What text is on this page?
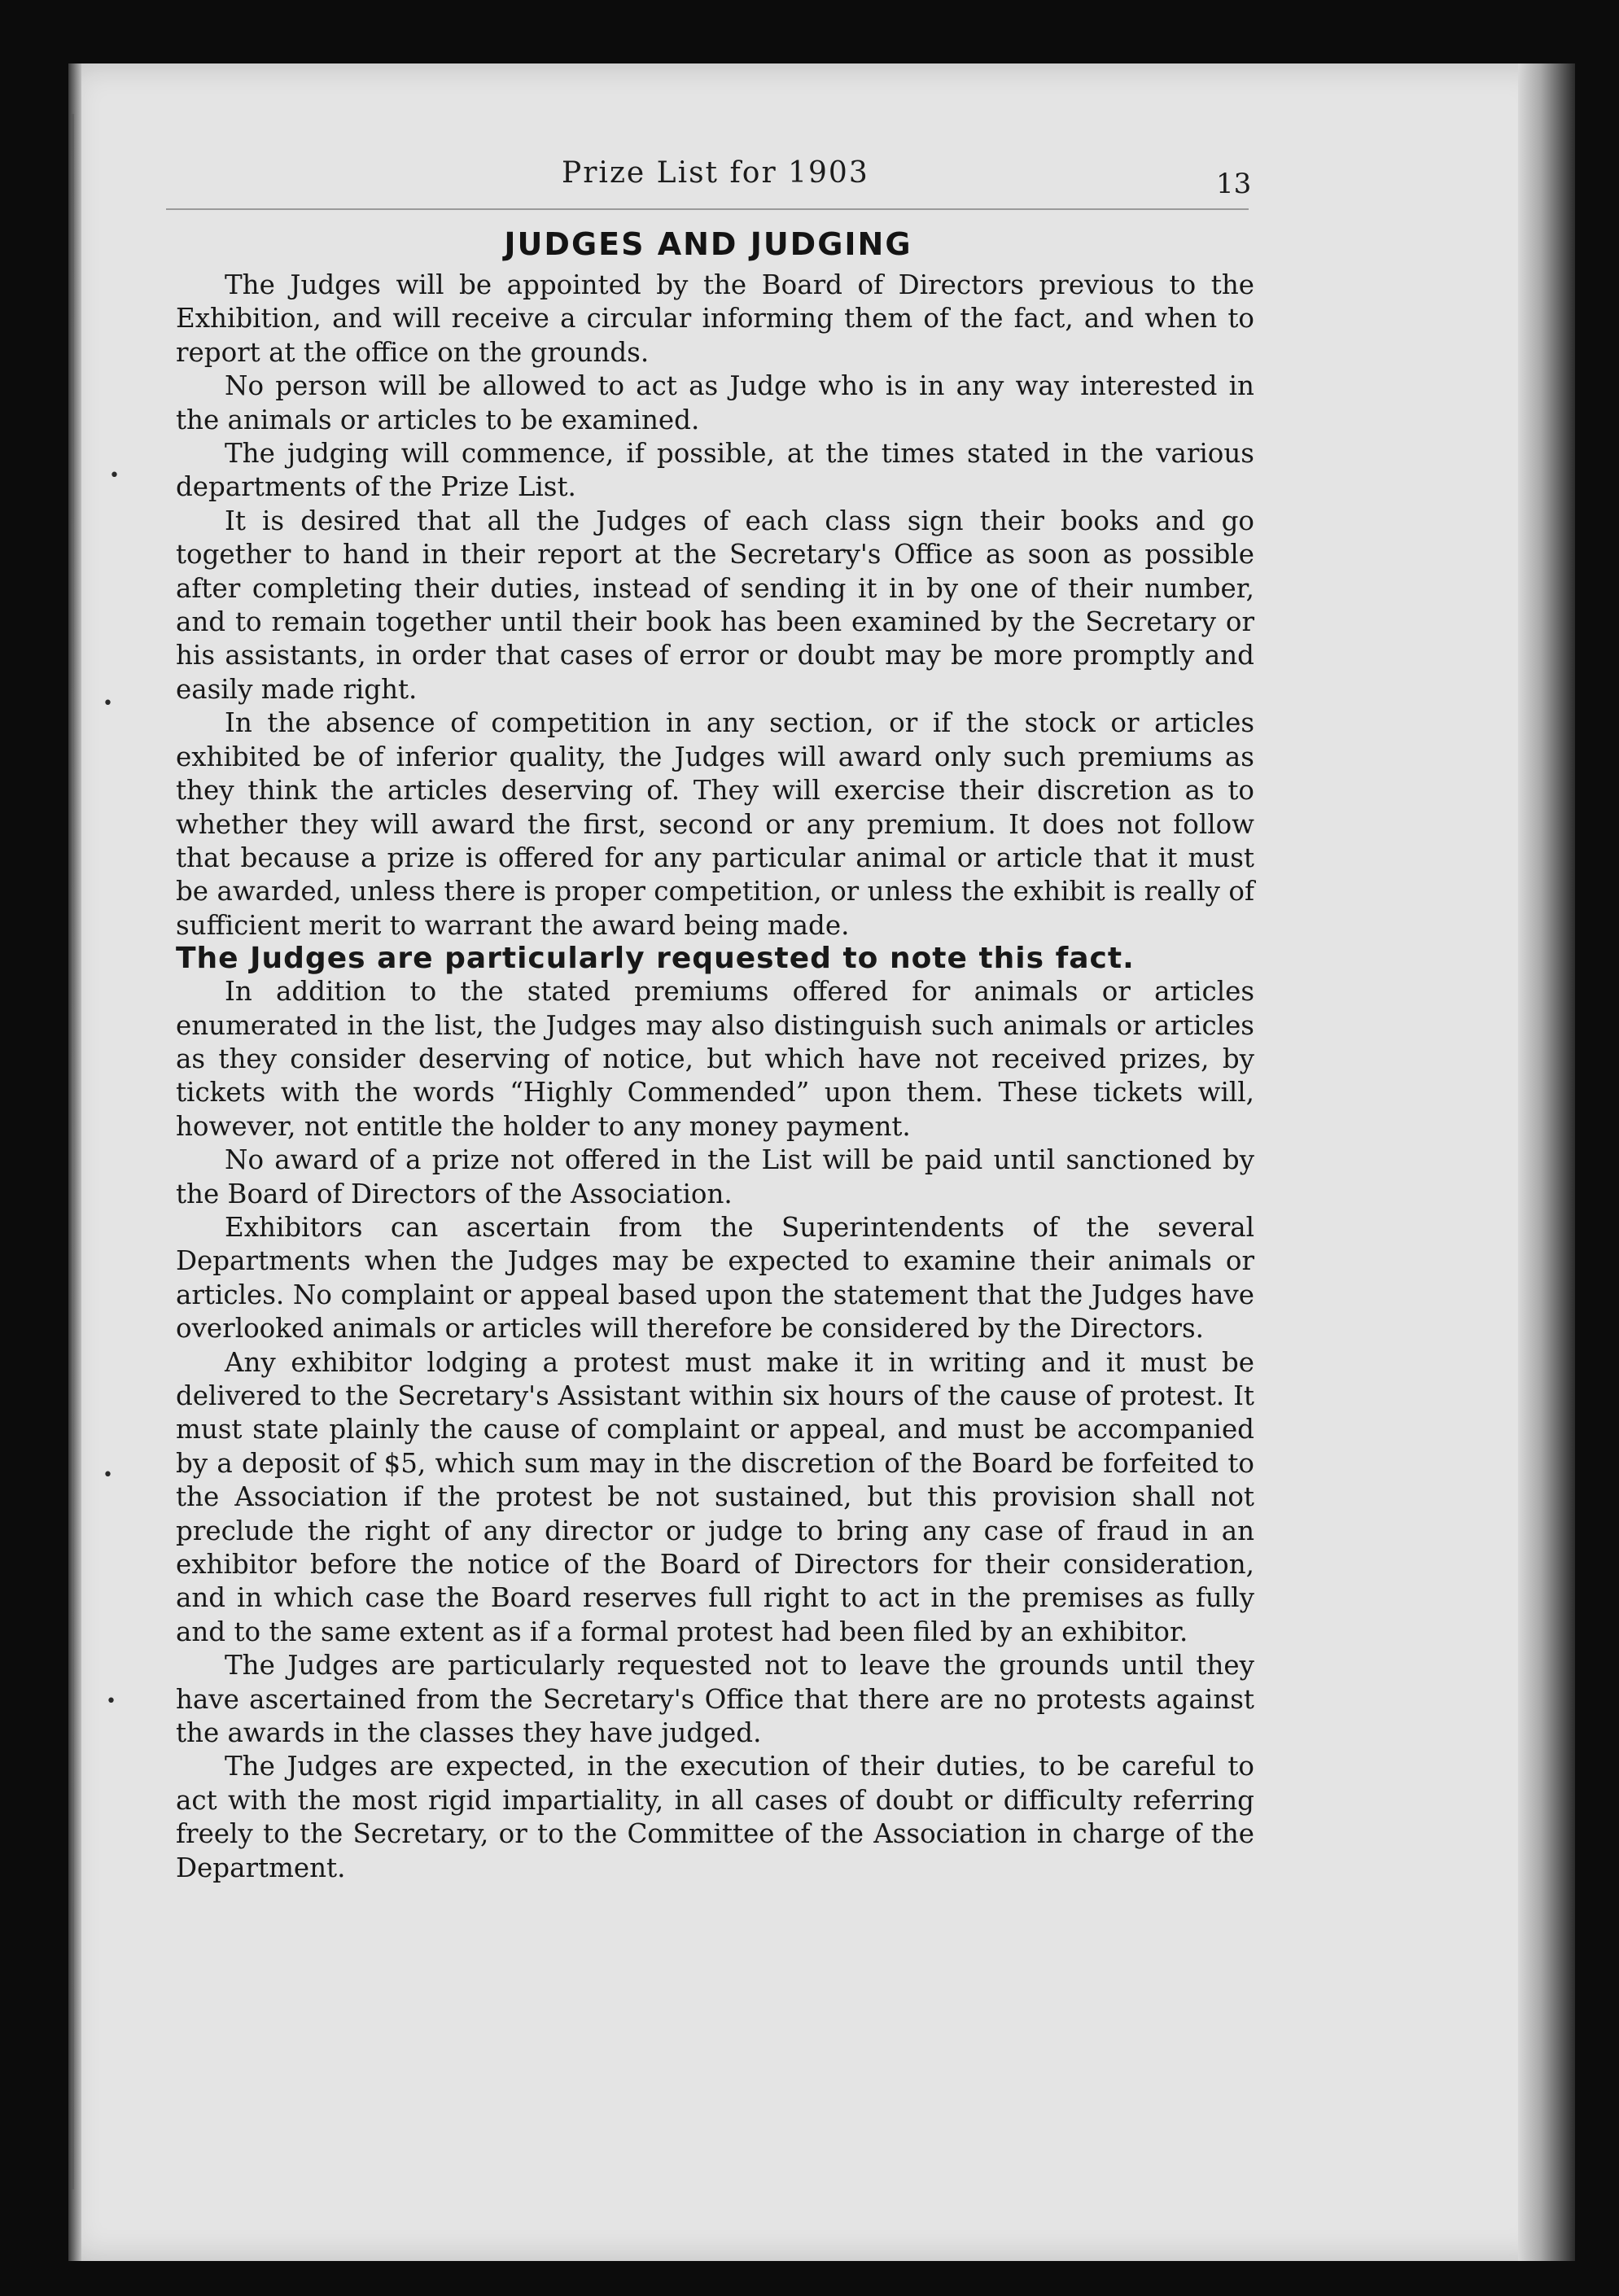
•
•
•
•
Prize List for 1903	13
JUDGES AND JUDGING

The Judges will be appointed by the Board of Directors previous to the Exhibition, and will receive a circular informing them of the fact, and when to report at the office on the grounds.

No person will be allowed to act as Judge who is in any way interested in the animals or articles to be examined.

The judging will commence, if possible, at the times stated in the various departments of the Prize List.

It is desired that all the Judges of each class sign their books and go together to hand in their report at the Secretary's Office as soon as possible after completing their duties, instead of sending it in by one of their number, and to remain together until their book has been examined by the Secretary or his assistants, in order that cases of error or doubt may be more promptly and easily made right.

In the absence of competition in any section, or if the stock or articles exhibited be of inferior quality, the Judges will award only such premiums as they think the articles deserving of. They will exercise their discretion as to whether they will award the first, second or any premium. It does not follow that because a prize is offered for any particular animal or article that it must be awarded, unless there is proper competition, or unless the exhibit is really of sufficient merit to warrant the award being made.

The Judges are particularly requested to note this fact.

In addition to the stated premiums offered for animals or articles enumerated in the list, the Judges may also distinguish such animals or articles as they consider deserving of notice, but which have not received prizes, by tickets with the words “Highly Commended” upon them. These tickets will, however, not entitle the holder to any money payment.

No award of a prize not offered in the List will be paid until sanctioned by the Board of Directors of the Association.

Exhibitors can ascertain from the Superintendents of the several Departments when the Judges may be expected to examine their animals or articles. No complaint or appeal based upon the statement that the Judges have overlooked animals or articles will therefore be considered by the Directors.

Any exhibitor lodging a protest must make it in writing and it must be delivered to the Secretary's Assistant within six hours of the cause of protest. It must state plainly the cause of complaint or appeal, and must be accompanied by a deposit of $5, which sum may in the discretion of the Board be forfeited to the Association if the protest be not sustained, but this provision shall not preclude the right of any director or judge to bring any case of fraud in an exhibitor before the notice of the Board of Directors for their consideration, and in which case the Board reserves full right to act in the premises as fully and to the same extent as if a formal protest had been filed by an exhibitor.

The Judges are particularly requested not to leave the grounds until they have ascertained from the Secretary's Office that there are no protests against the awards in the classes they have judged.

The Judges are expected, in the execution of their duties, to be careful to act with the most rigid impartiality, in all cases of doubt or difficulty referring freely to the Secretary, or to the Committee of the Association in charge of the Department.
